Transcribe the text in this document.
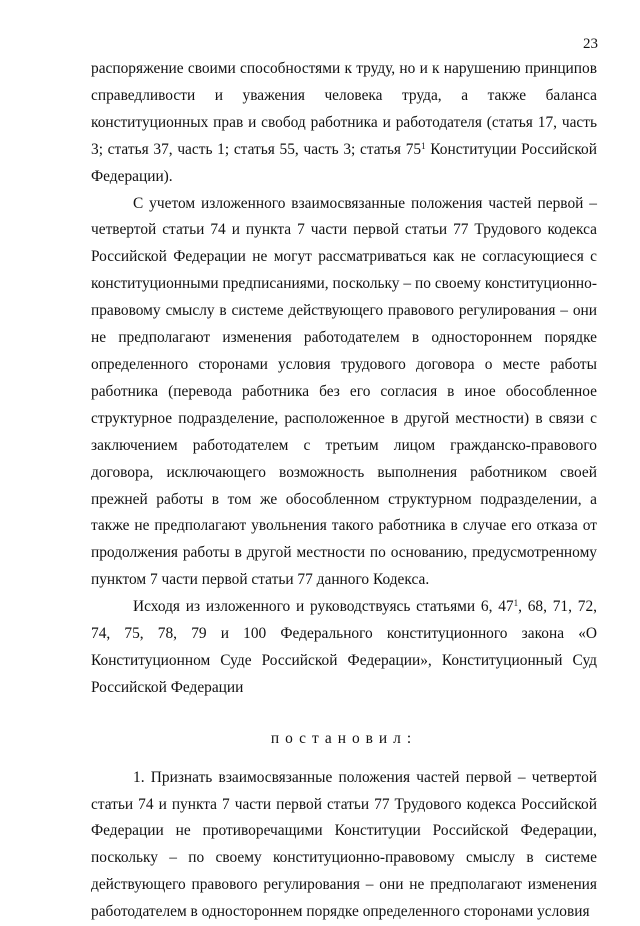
23

распоряжение своими способностями к труду, но и к нарушению принципов справедливости и уважения человека труда, а также баланса конституционных прав и свобод работника и работодателя (статья 17, часть 3; статья 37, часть 1; статья 55, часть 3; статья $75^1$ Конституции Российской Федерации).

С учетом изложенного взаимосвязанные положения частей первой – четвертой статьи 74 и пункта 7 части первой статьи 77 Трудового кодекса Российской Федерации не могут рассматриваться как не согласующиеся с конституционными предписаниями, поскольку – по своему конституционно-правовому смыслу в системе действующего правового регулирования – они не предполагают изменения работодателем в одностороннем порядке определенного сторонами условия трудового договора о месте работы работника (перевода работника без его согласия в иное обособленное структурное подразделение, расположенное в другой местности) в связи с заключением работодателем с третьим лицом гражданско-правового договора, исключающего возможность выполнения работником своей прежней работы в том же обособленном структурном подразделении, а также не предполагают увольнения такого работника в случае его отказа от продолжения работы в другой местности по основанию, предусмотренному пунктом 7 части первой статьи 77 данного Кодекса.

Исходя из изложенного и руководствуясь статьями 6, $47^1$, 68, 71, 72, 74, 75, 78, 79 и 100 Федерального конституционного закона «О Конституционном Суде Российской Федерации», Конституционный Суд Российской Федерации

постановил:

1. Признать взаимосвязанные положения частей первой – четвертой статьи 74 и пункта 7 части первой статьи 77 Трудового кодекса Российской Федерации не противоречащими Конституции Российской Федерации, поскольку – по своему конституционно-правовому смыслу в системе действующего правового регулирования – они не предполагают изменения работодателем в одностороннем порядке определенного сторонами условия
